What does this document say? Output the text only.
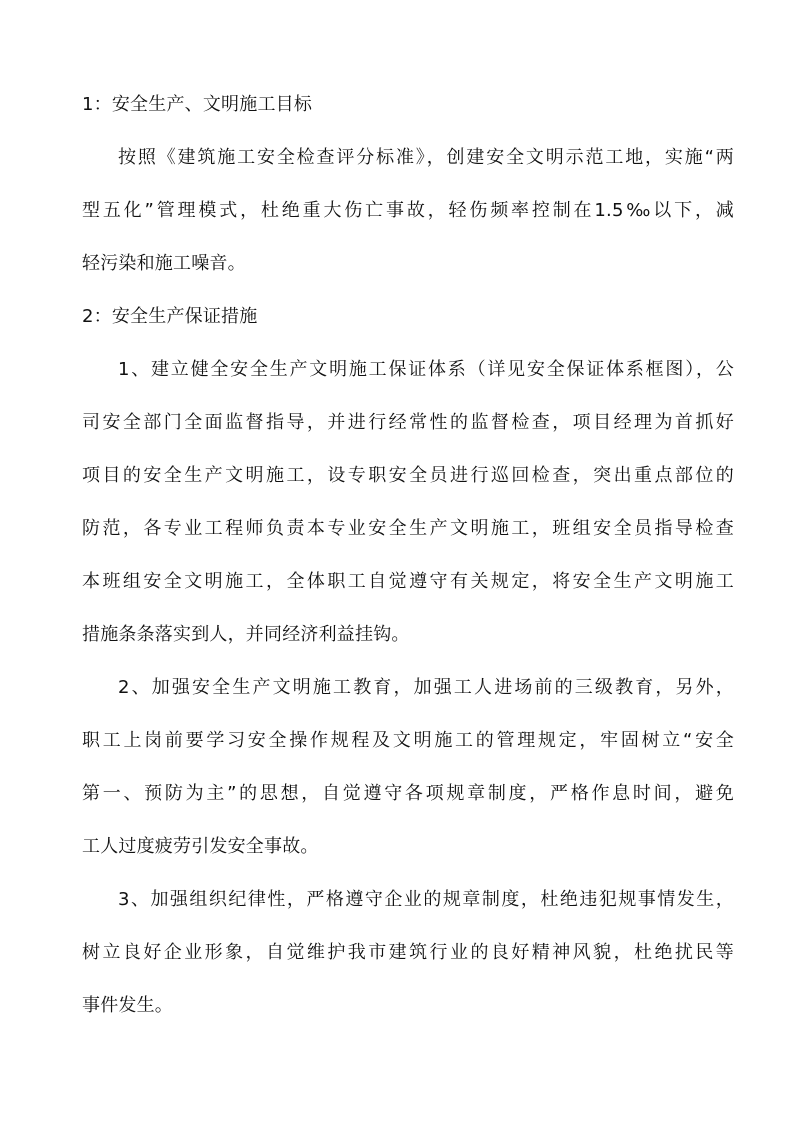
1：安全生产、文明施工目标
按照《建筑施工安全检查评分标准》，创建安全文明示范工地，实施“两
型五化”管理模式，杜绝重大伤亡事故，轻伤频率控制在1.5‰以下，减
轻污染和施工噪音。
2：安全生产保证措施
1、建立健全安全生产文明施工保证体系（详见安全保证体系框图），公
司安全部门全面监督指导，并进行经常性的监督检查，项目经理为首抓好
项目的安全生产文明施工，设专职安全员进行巡回检查，突出重点部位的
防范，各专业工程师负责本专业安全生产文明施工，班组安全员指导检查
本班组安全文明施工，全体职工自觉遵守有关规定，将安全生产文明施工
措施条条落实到人，并同经济利益挂钩。
2、加强安全生产文明施工教育，加强工人进场前的三级教育，另外，
职工上岗前要学习安全操作规程及文明施工的管理规定，牢固树立“安全
第一、预防为主”的思想，自觉遵守各项规章制度，严格作息时间，避免
工人过度疲劳引发安全事故。
3、加强组织纪律性，严格遵守企业的规章制度，杜绝违犯规事情发生，
树立良好企业形象，自觉维护我市建筑行业的良好精神风貌，杜绝扰民等
事件发生。
